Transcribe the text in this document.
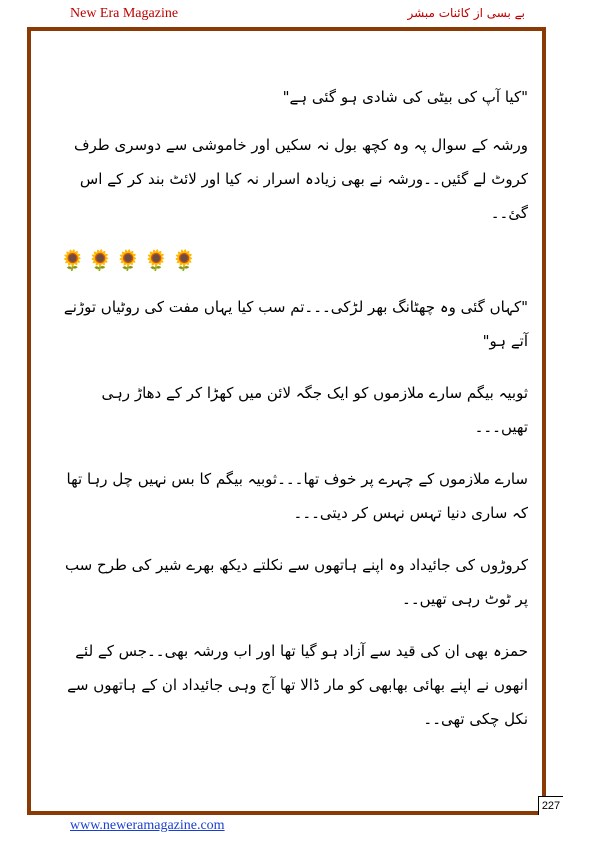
New Era Magazine	بے بسی از کائنات مبشر

"کیا آپ کی بیٹی کی شادی ہو گئی ہے"

ورشہ کے سوال پہ وہ کچھ بول نہ سکیں اور خاموشی سے دوسری طرف کروٹ لے گئیں۔۔ورشہ نے بھی زیادہ اسرار نہ کیا اور لائٹ بند کر کے اس گئ۔۔

🌻 🌻 🌻 🌻 🌻

"کہاں گئی وہ چھٹانگ بھر لڑکی۔۔۔تم سب کیا یہاں مفت کی روٹیاں توڑنے آتے ہو"

ثوبیہ بیگم سارے ملازموں کو ایک جگہ لائن میں کھڑا کر کے دھاڑ رہی تھیں۔۔۔

سارے ملازموں کے چہرے پر خوف تھا۔۔۔ثوبیہ بیگم کا بس نہیں چل رہا تھا کہ ساری دنیا تہس نہس کر دیتی۔۔۔

کروڑوں کی جائیداد وہ اپنے ہاتھوں سے نکلتے دیکھ بھرے شیر کی طرح سب پر ٹوٹ رہی تھیں۔۔

حمزہ بھی ان کی قید سے آزاد ہو گیا تھا اور اب ورشہ بھی۔۔جس کے لئے انھوں نے اپنے بھائی بھابھی کو مار ڈالا تھا آج وہی جائیداد ان کے ہاتھوں سے نکل چکی تھی۔۔

227
www.neweramagazine.com
